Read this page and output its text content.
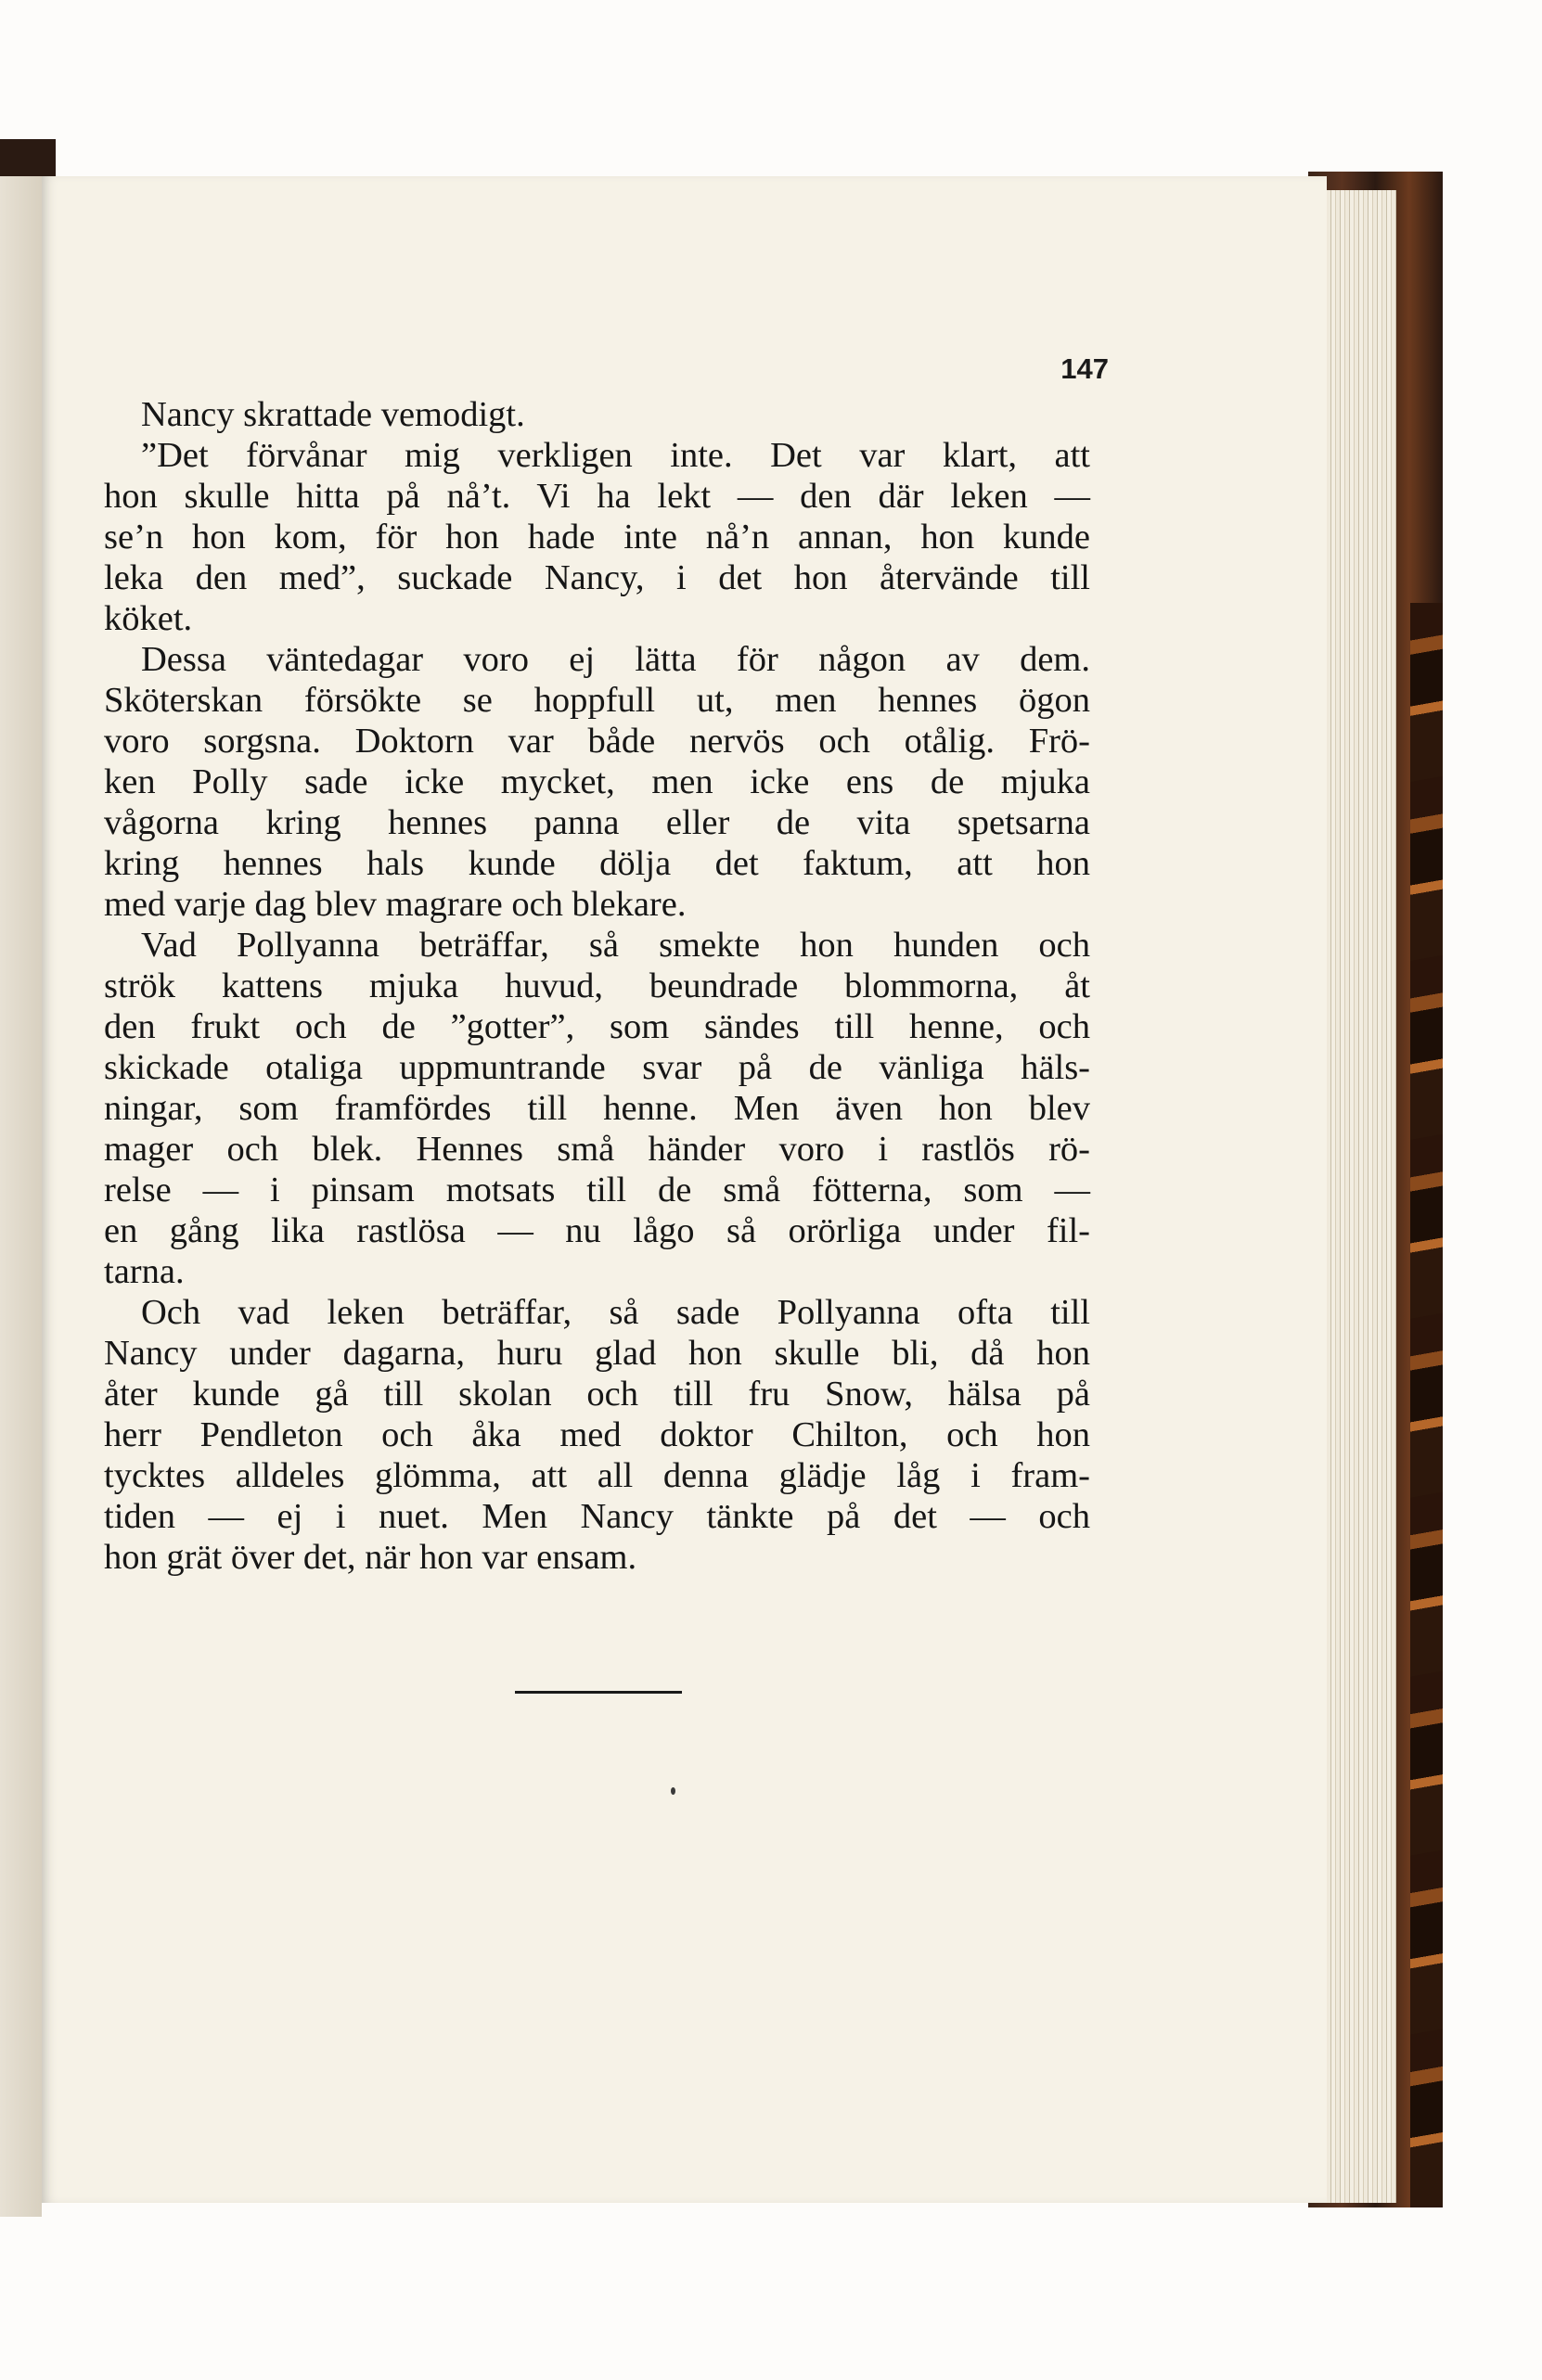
147
Nancy skrattade vemodigt.
”Det förvånar mig verkligen inte. Det var klart, att
hon skulle hitta på nå’t. Vi ha lekt — den där leken —
se’n hon kom, för hon hade inte nå’n annan, hon kunde
leka den med”, suckade Nancy, i det hon återvände till
köket.
Dessa väntedagar voro ej lätta för någon av dem.
Sköterskan försökte se hoppfull ut, men hennes ögon
voro sorgsna. Doktorn var både nervös och otålig. Frö-
ken Polly sade icke mycket, men icke ens de mjuka
vågorna kring hennes panna eller de vita spetsarna
kring hennes hals kunde dölja det faktum, att hon
med varje dag blev magrare och blekare.
Vad Pollyanna beträffar, så smekte hon hunden och
strök kattens mjuka huvud, beundrade blommorna, åt
den frukt och de ”gotter”, som sändes till henne, och
skickade otaliga uppmuntrande svar på de vänliga häls-
ningar, som framfördes till henne. Men även hon blev
mager och blek. Hennes små händer voro i rastlös rö-
relse — i pinsam motsats till de små fötterna, som —
en gång lika rastlösa — nu lågo så orörliga under fil-
tarna.
Och vad leken beträffar, så sade Pollyanna ofta till
Nancy under dagarna, huru glad hon skulle bli, då hon
åter kunde gå till skolan och till fru Snow, hälsa på
herr Pendleton och åka med doktor Chilton, och hon
tycktes alldeles glömma, att all denna glädje låg i fram-
tiden — ej i nuet. Men Nancy tänkte på det — och
hon grät över det, när hon var ensam.
